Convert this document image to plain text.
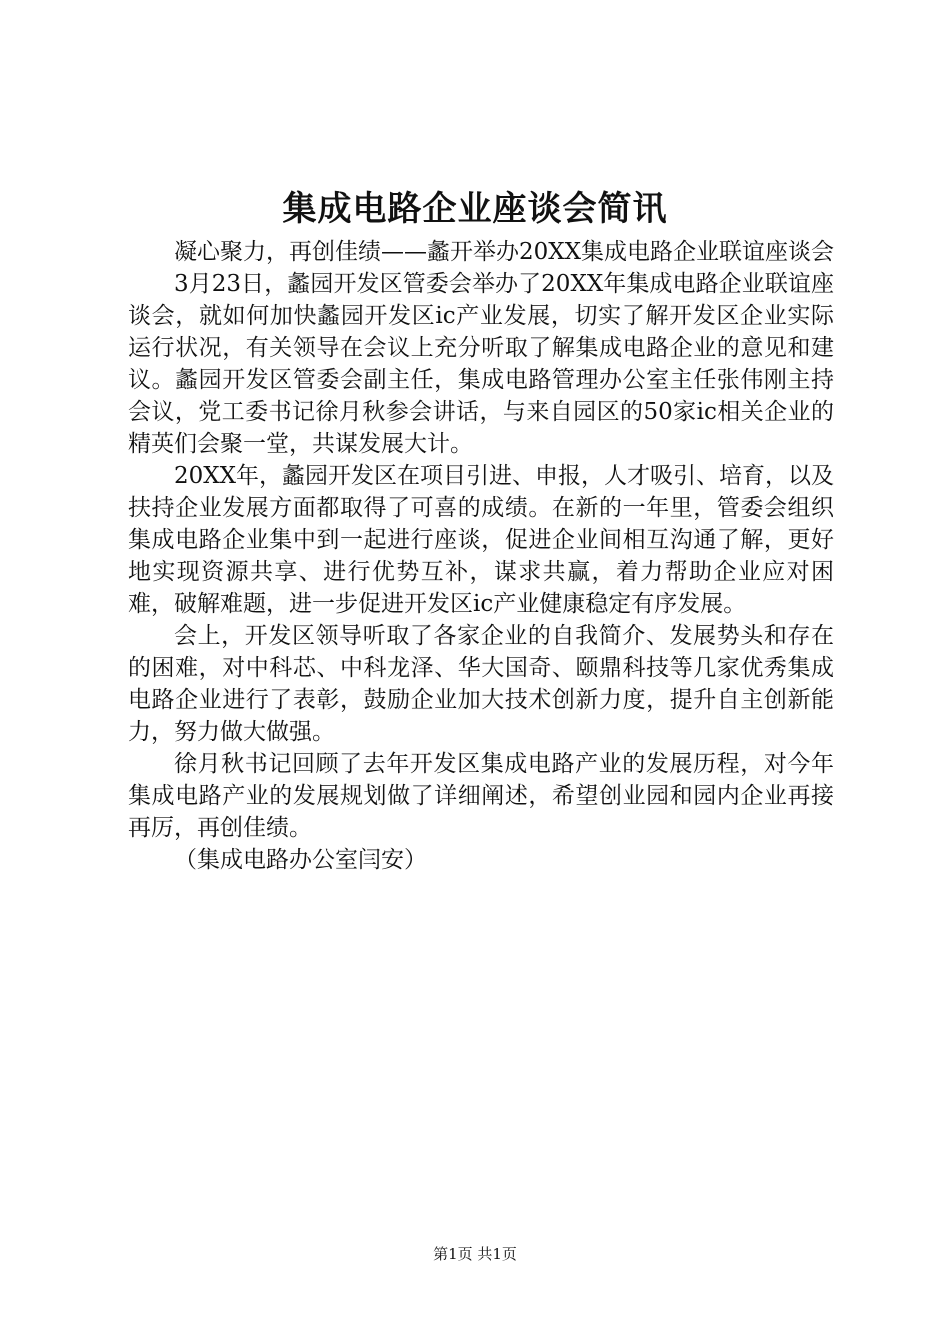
集成电路企业座谈会简讯

凝心聚力，再创佳绩——蠡开举办20XX集成电路企业联谊座谈会

3月23日，蠡园开发区管委会举办了20XX年集成电路企业联谊座谈会，就如何加快蠡园开发区ic产业发展，切实了解开发区企业实际运行状况，有关领导在会议上充分听取了解集成电路企业的意见和建议。蠡园开发区管委会副主任，集成电路管理办公室主任张伟刚主持会议，党工委书记徐月秋参会讲话，与来自园区的50家ic相关企业的精英们会聚一堂，共谋发展大计。

20XX年，蠡园开发区在项目引进、申报，人才吸引、培育，以及扶持企业发展方面都取得了可喜的成绩。在新的一年里，管委会组织集成电路企业集中到一起进行座谈，促进企业间相互沟通了解，更好地实现资源共享、进行优势互补，谋求共赢，着力帮助企业应对困难，破解难题，进一步促进开发区ic产业健康稳定有序发展。

会上，开发区领导听取了各家企业的自我简介、发展势头和存在的困难，对中科芯、中科龙泽、华大国奇、颐鼎科技等几家优秀集成电路企业进行了表彰，鼓励企业加大技术创新力度，提升自主创新能力，努力做大做强。

徐月秋书记回顾了去年开发区集成电路产业的发展历程，对今年集成电路产业的发展规划做了详细阐述，希望创业园和园内企业再接再厉，再创佳绩。

（集成电路办公室闫安）

第1页 共1页
